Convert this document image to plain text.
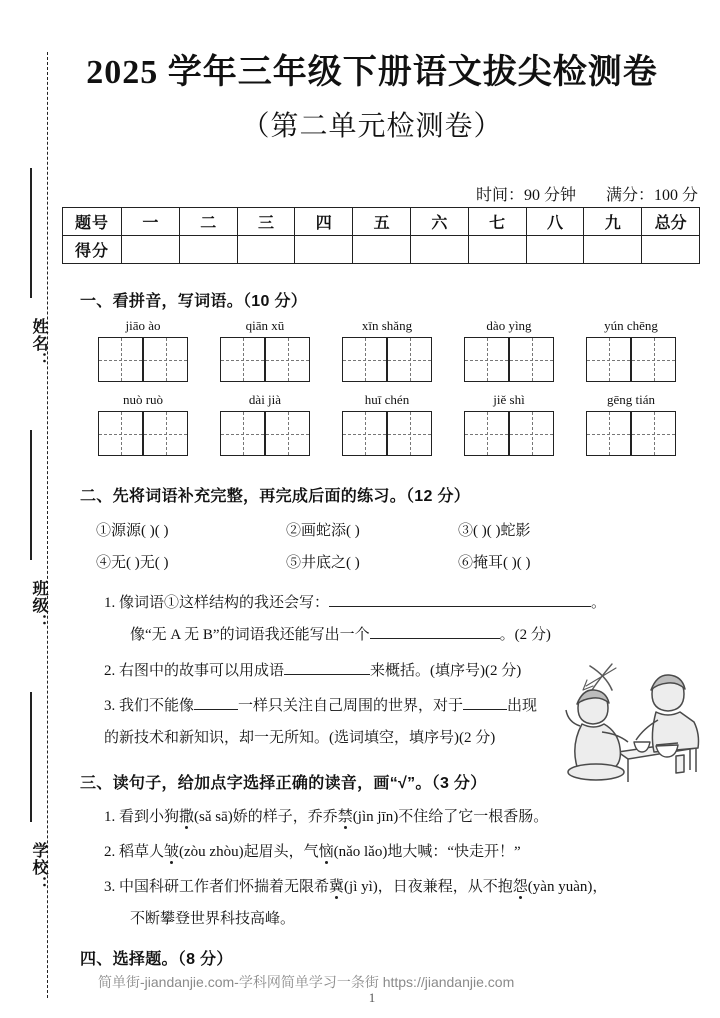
姓名：
班级：
学校：
2025 学年三年级下册语文拔尖检测卷
（第二单元检测卷）
时间：90 分钟 满分：100 分
题号	一	二	三	四	五	六	七	八	九	总分
得分										
一、看拼音，写词语。（10 分）
jiāo ào	qiān xū	xīn shǎng	dào yìng	yún chēng
nuò ruò	dài jià	huī chén	jiě shì	gēng tián
二、先将词语补充完整，再完成后面的练习。（12 分）
①源源( )( )	②画蛇添( )	③( )( )蛇影
④无( )无( )	⑤井底之( )	⑥掩耳( )( )
1. 像词语①这样结构的我还会写：	。
像“无 A 无 B”的词语我还能写出一个	。(2 分)
2. 右图中的故事可以用成语	来概括。(填序号)(2 分)
3. 我们不能像	一样只关注自己周围的世界，对于	出现
的新技术和新知识，却一无所知。(选词填空，填序号)(2 分)
三、读句子，给加点字选择正确的读音，画“√”。（3 分）
1. 看到小狗撒(sǎ sā)娇的样子，乔乔禁(jìn jīn)不住给了它一根香肠。
2. 稻草人皱(zòu zhòu)起眉头，气恼(nǎo lǎo)地大喊：“快走开！”
3. 中国科研工作者们怀揣着无限希冀(jì yì)，日夜兼程，从不抱怨(yàn yuàn)，
不断攀登世界科技高峰。
四、选择题。（8 分）
简单街-jiandanjie.com-学科网简单学习一条街 https://jiandanjie.com
1
